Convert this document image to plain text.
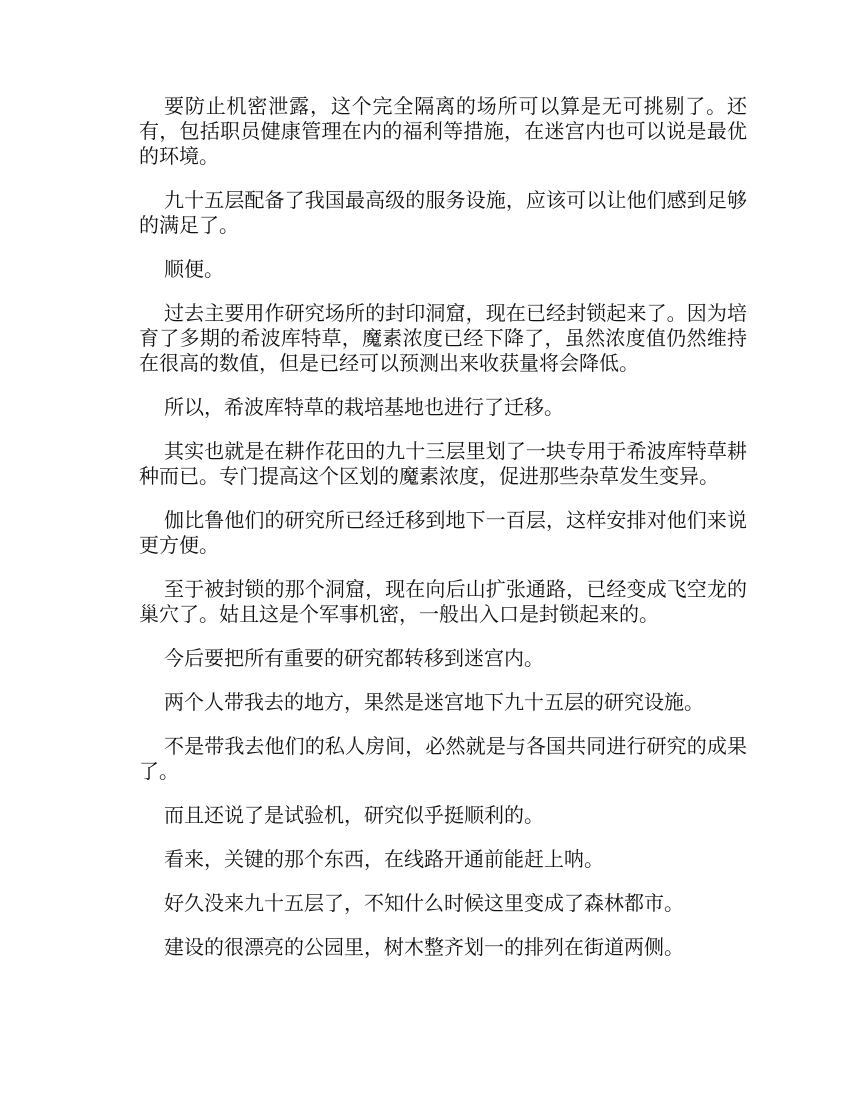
要防止机密泄露，这个完全隔离的场所可以算是无可挑剔了。还有，包括职员健康管理在内的福利等措施，在迷宫内也可以说是最优的环境。

九十五层配备了我国最高级的服务设施，应该可以让他们感到足够的满足了。

顺便。

过去主要用作研究场所的封印洞窟，现在已经封锁起来了。因为培育了多期的希波库特草，魔素浓度已经下降了，虽然浓度值仍然维持在很高的数值，但是已经可以预测出来收获量将会降低。

所以，希波库特草的栽培基地也进行了迁移。

其实也就是在耕作花田的九十三层里划了一块专用于希波库特草耕种而已。专门提高这个区划的魔素浓度，促进那些杂草发生变异。

伽比鲁他们的研究所已经迁移到地下一百层，这样安排对他们来说更方便。

至于被封锁的那个洞窟，现在向后山扩张通路，已经变成飞空龙的巢穴了。姑且这是个军事机密，一般出入口是封锁起来的。

今后要把所有重要的研究都转移到迷宫内。

两个人带我去的地方，果然是迷宫地下九十五层的研究设施。

不是带我去他们的私人房间，必然就是与各国共同进行研究的成果了。

而且还说了是试验机，研究似乎挺顺利的。

看来，关键的那个东西，在线路开通前能赶上呐。

好久没来九十五层了，不知什么时候这里变成了森林都市。

建设的很漂亮的公园里，树木整齐划一的排列在街道两侧。
